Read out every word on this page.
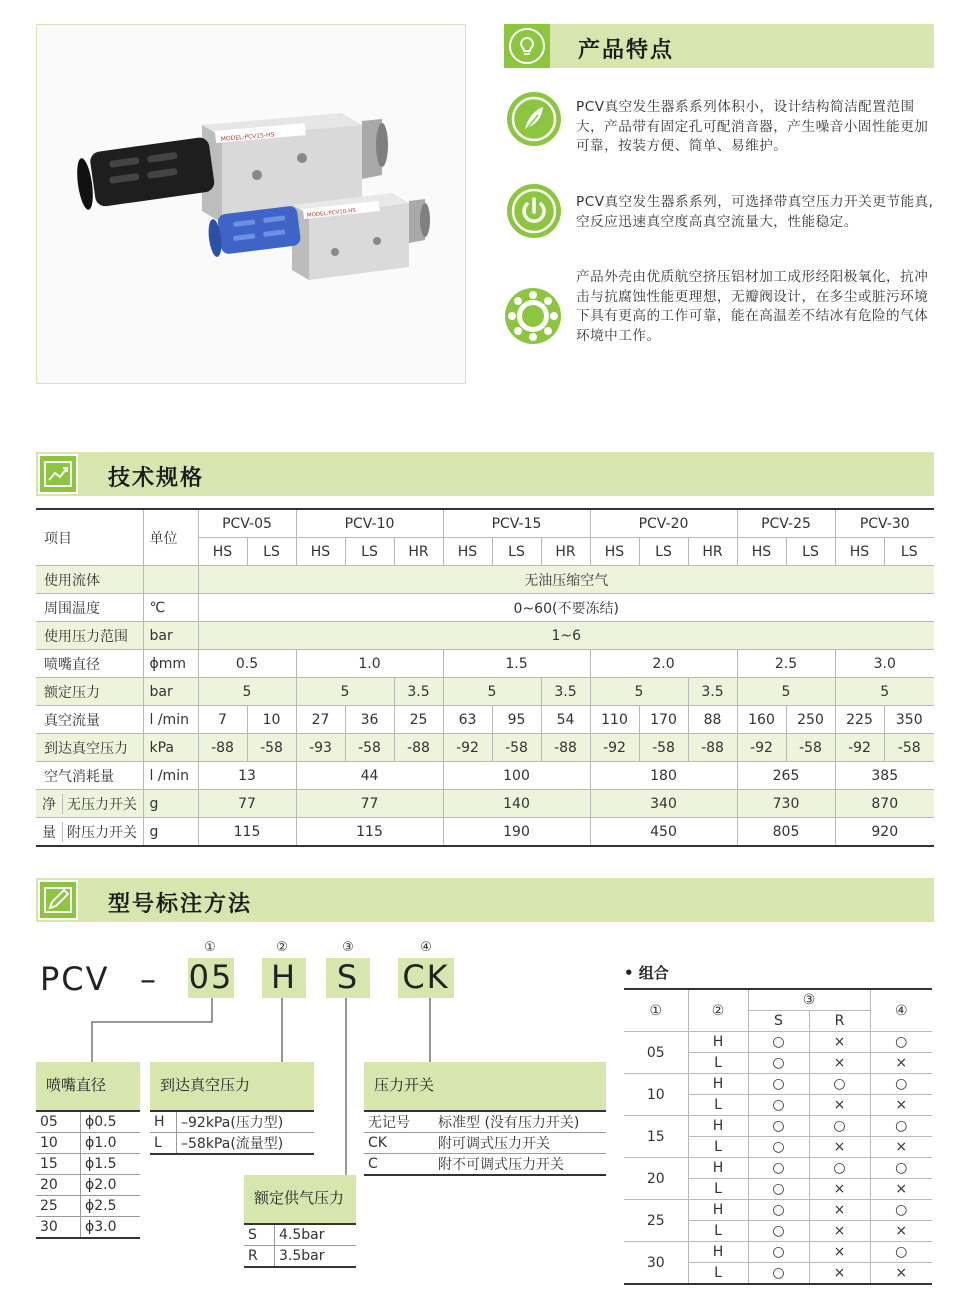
MODEL:PCV15-HS
MODEL:PCV10-HS
产品特点
PCV真空发生器系系列体积小，设计结构简洁配置范围大，产品带有固定孔可配消音器，产生噪音小固性能更加可靠，按装方便、简单、易维护。
PCV真空发生器系系列，可选择带真空压力开关更节能真,空反应迅速真空度高真空流量大，性能稳定。
产品外壳由优质航空挤压铝材加工成形经阳极氧化，抗冲击与抗腐蚀性能更理想，无瓣阀设计，在多尘或脏污环境下具有更高的工作可靠，能在高温差不结冰有危险的气体环境中工作。
技术规格
项目	单位	PCV-05		PCV-10			PCV-15			PCV-20			PCV-25		PCV-30	
		HS	LS	HS	LS	HR	HS	LS	HR	HS	LS	HR	HS	LS	HS	LS
使用流体		无油压缩空气														
周围温度	℃	0~60(不要冻结)														
使用压力范围	bar	1~6														
喷嘴直径	ϕmm	0.5		1.0			1.5			2.0			2.5		3.0	
额定压力	bar	5		5		3.5	5		3.5	5		3.5	5		5	
真空流量	l /min	7	10	27	36	25	63	95	54	110	170	88	160	250	225	350
到达真空压力	kPa	-88	-58	-93	-58	-88	-92	-58	-88	-92	-58	-88	-92	-58	-92	-58
空气消耗量	l /min	13		44			100			180			265		385	
净 无压力开关	g	77		77			140			340			730		870	
量 附压力开关	g	115		115			190			450			805		920	
型号标注方法
①	②	③	④
PCV – 05 H	S	CK
喷嘴直径
05	ϕ0.5
10	ϕ1.0
15	ϕ1.5
20	ϕ2.0
25	ϕ2.5
30	ϕ3.0
到达真空压力
H	–92kPa(压力型)
L	–58kPa(流量型)
额定供气压力
S	4.5bar
R	3.5bar
压力开关
无记号	标准型 (没有压力开关)
CK	附可调式压力开关
C	附不可调式压力开关
• 组合
①	②	③		④
		S	R	
05	H	○	×	○
	L	○	×	×
10	H	○	○	○
	L	○	×	×
15	H	○	○	○
	L	○	×	×
20	H	○	○	○
	L	○	×	×
25	H	○	×	○
	L	○	×	×
30	H	○	×	○
	L	○	×	×
